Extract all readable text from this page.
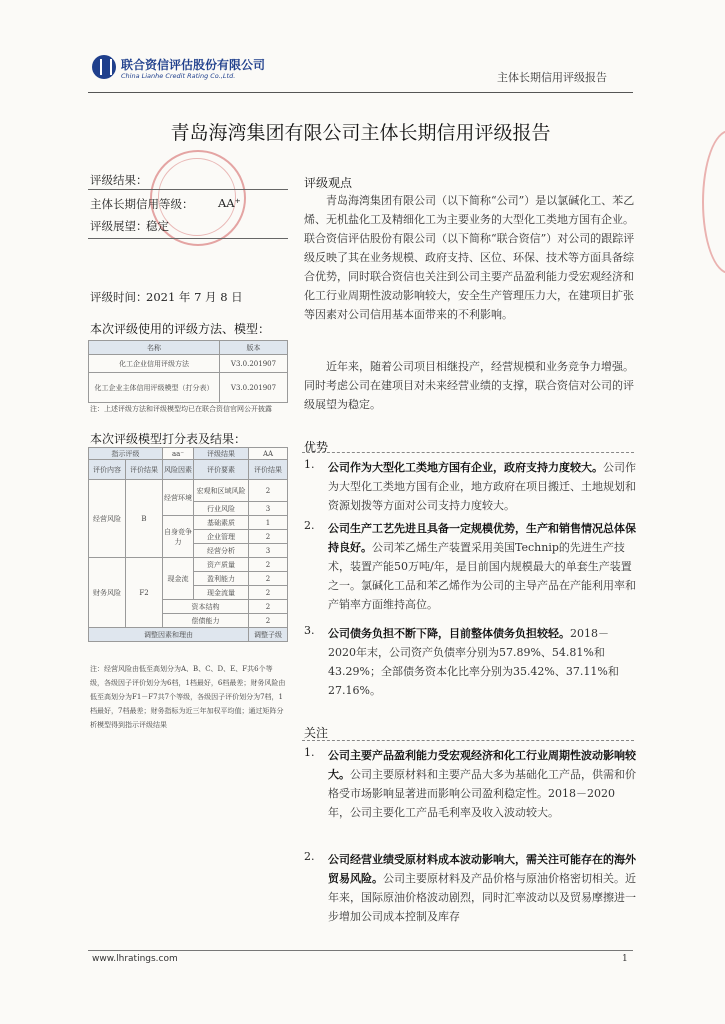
联合资信评估股份有限公司
China Lianhe Credit Rating Co.,Ltd.	主体长期信用评级报告
青岛海湾集团有限公司主体长期信用评级报告
评级结果：
主体长期信用等级： AA⁺
评级展望：
稳定
评级时间：
2021 年 7 月 8 日
本次评级使用的评级方法、模型：
名称	版本
化工企业信用评级方法	V3.0.201907
化工企业主体信用评级模型（打分表）	V3.0.201907
注：上述评级方法和评级模型均已在联合资信官网公开披露
本次评级模型打分表及结果：
指示评级		aa⁻	评级结果	AA
评价内容	评价结果	风险因素	评价要素	评价结果
经营风险	B	经营环境	宏观和区域风险	2
			行业风险	3
		自身竞争力	基础素质	1
			企业管理	2
			经营分析	3
财务风险	F2	现金流	资产质量	2
			盈利能力	2
			现金流量	2
		资本结构		2
		偿债能力		2
调整因素和理由				调整子级
注：经营风险由低至高划分为A、B、C、D、E、F共6个等级，各级因子评价划分为6档，1档最好，6档最差；财务风险由低至高划分为F1－F7共7个等级，各级因子评价划分为7档，1档最好，7档最差；财务指标为近三年加权平均值；通过矩阵分析模型得到指示评级结果
评级观点
青岛海湾集团有限公司（以下简称“公司”）是以氯碱化工、苯乙烯、无机盐化工及精细化工为主要业务的大型化工类地方国有企业。联合资信评估股份有限公司（以下简称“联合资信”）对公司的跟踪评级反映了其在业务规模、政府支持、区位、环保、技术等方面具备综合优势，同时联合资信也关注到公司主要产品盈利能力受宏观经济和化工行业周期性波动影响较大，安全生产管理压力大，在建项目扩张等因素对公司信用基本面带来的不利影响。
近年来，随着公司项目相继投产，经营规模和业务竞争力增强。同时考虑公司在建项目对未来经营业绩的支撑，联合资信对公司的评级展望为稳定。
优势
1. 公司作为大型化工类地方国有企业，政府支持力度较大。公司作为大型化工类地方国有企业，地方政府在项目搬迁、土地规划和资源划拨等方面对公司支持力度较大。
2. 公司生产工艺先进且具备一定规模优势，生产和销售情况总体保持良好。公司苯乙烯生产装置采用美国Technip的先进生产技术，装置产能50万吨/年，是目前国内规模最大的单套生产装置之一。氯碱化工品和苯乙烯作为公司的主导产品在产能利用率和产销率方面维持高位。
3. 公司债务负担不断下降，目前整体债务负担较轻。2018－2020年末，公司资产负债率分别为57.89%、54.81%和43.29%；全部债务资本化比率分别为35.42%、37.11%和27.16%。
关注
1. 公司主要产品盈利能力受宏观经济和化工行业周期性波动影响较大。公司主要原材料和主要产品大多为基础化工产品，供需和价格受市场影响显著进而影响公司盈利稳定性。2018－2020年，公司主要化工产品毛利率及收入波动较大。
2. 公司经营业绩受原材料成本波动影响大，需关注可能存在的海外贸易风险。公司主要原材料及产品价格与原油价格密切相关。近年来，国际原油价格波动剧烈，同时汇率波动以及贸易摩擦进一步增加公司成本控制及库存
www.lhratings.com	1
